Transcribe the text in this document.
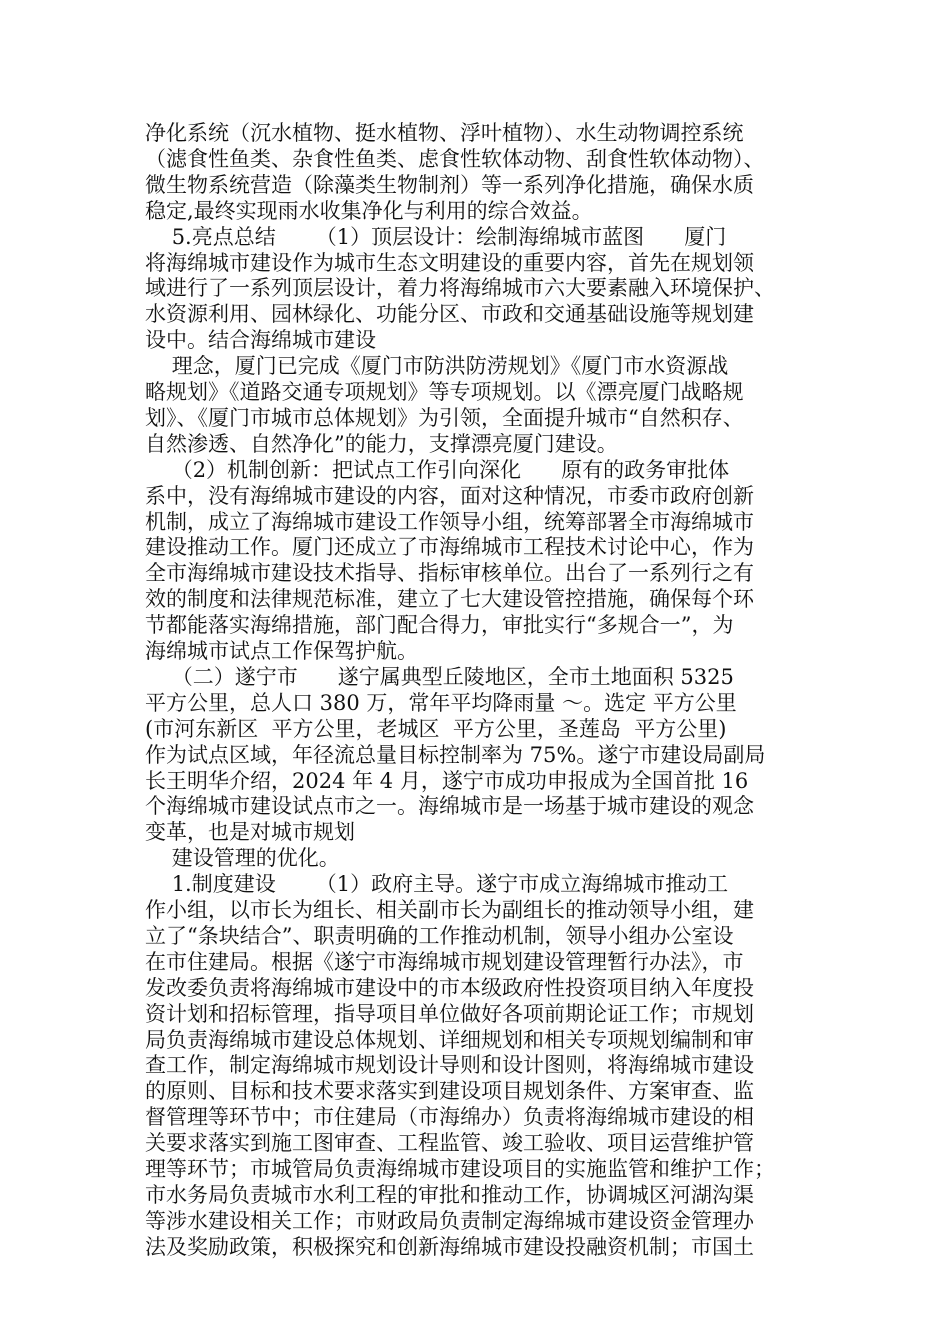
净化系统（沉水植物、挺水植物、浮叶植物）、水生动物调控系统
（滤食性鱼类、杂食性鱼类、虑食性软体动物、刮食性软体动物）、
微生物系统营造（除藻类生物制剂）等一系列净化措施，确保水质
稳定,最终实现雨水收集净化与利用的综合效益。
5.亮点总结      （1）顶层设计：绘制海绵城市蓝图      厦门
将海绵城市建设作为城市生态文明建设的重要内容，首先在规划领
域进行了一系列顶层设计，着力将海绵城市六大要素融入环境保护、
水资源利用、园林绿化、功能分区、市政和交通基础设施等规划建
设中。结合海绵城市建设
理念，厦门已完成《厦门市防洪防涝规划》《厦门市水资源战
略规划》《道路交通专项规划》等专项规划。以《漂亮厦门战略规
划》、《厦门市城市总体规划》为引领，全面提升城市“自然积存、
自然渗透、自然净化”的能力，支撑漂亮厦门建设。
（2）机制创新：把试点工作引向深化      原有的政务审批体
系中，没有海绵城市建设的内容，面对这种情况，市委市政府创新
机制，成立了海绵城市建设工作领导小组，统筹部署全市海绵城市
建设推动工作。厦门还成立了市海绵城市工程技术讨论中心，作为
全市海绵城市建设技术指导、指标审核单位。出台了一系列行之有
效的制度和法律规范标准，建立了七大建设管控措施，确保每个环
节都能落实海绵措施，部门配合得力，审批实行“多规合一”，为
海绵城市试点工作保驾护航。
（二）遂宁市      遂宁属典型丘陵地区，全市土地面积 5325
平方公里，总人口 380 万，常年平均降雨量 ～。选定 平方公里
(市河东新区  平方公里，老城区  平方公里，圣莲岛  平方公里)
作为试点区域，年径流总量目标控制率为 75%。遂宁市建设局副局
长王明华介绍，2024 年 4 月，遂宁市成功申报成为全国首批 16
个海绵城市建设试点市之一。海绵城市是一场基于城市建设的观念
变革，也是对城市规划
建设管理的优化。
1.制度建设      （1）政府主导。遂宁市成立海绵城市推动工
作小组，以市长为组长、相关副市长为副组长的推动领导小组，建
立了“条块结合”、职责明确的工作推动机制，领导小组办公室设
在市住建局。根据《遂宁市海绵城市规划建设管理暂行办法》，市
发改委负责将海绵城市建设中的市本级政府性投资项目纳入年度投
资计划和招标管理，指导项目单位做好各项前期论证工作；市规划
局负责海绵城市建设总体规划、详细规划和相关专项规划编制和审
查工作，制定海绵城市规划设计导则和设计图则，将海绵城市建设
的原则、目标和技术要求落实到建设项目规划条件、方案审查、监
督管理等环节中；市住建局（市海绵办）负责将海绵城市建设的相
关要求落实到施工图审查、工程监管、竣工验收、项目运营维护管
理等环节；市城管局负责海绵城市建设项目的实施监管和维护工作；
市水务局负责城市水利工程的审批和推动工作，协调城区河湖沟渠
等涉水建设相关工作；市财政局负责制定海绵城市建设资金管理办
法及奖励政策，积极探究和创新海绵城市建设投融资机制；市国土
